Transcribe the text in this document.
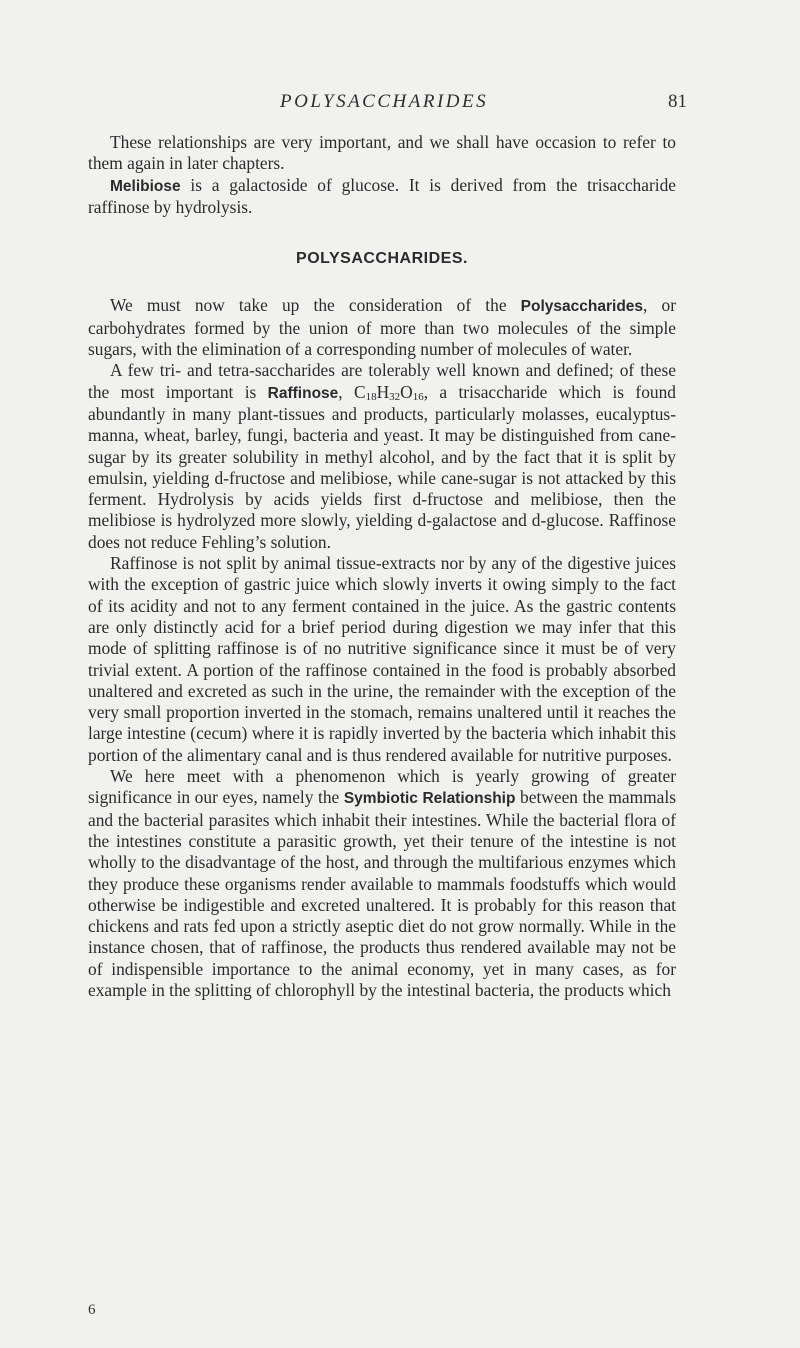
POLYSACCHARIDES	81

These relationships are very important, and we shall have occasion to refer to them again in later chapters.

Melibiose is a galactoside of glucose. It is derived from the trisaccharide raffinose by hydrolysis.

POLYSACCHARIDES.

We must now take up the consideration of the Polysaccharides, or carbohydrates formed by the union of more than two molecules of the simple sugars, with the elimination of a corresponding number of molecules of water.

A few tri- and tetra-saccharides are tolerably well known and defined; of these the most important is Raffinose, $C_{18}H_{32}O_{16}$, a trisaccharide which is found abundantly in many plant-tissues and products, particularly molasses, eucalyptus-manna, wheat, barley, fungi, bacteria and yeast. It may be distinguished from cane-sugar by its greater solubility in methyl alcohol, and by the fact that it is split by emulsin, yielding d-fructose and melibiose, while cane-sugar is not attacked by this ferment. Hydrolysis by acids yields first d-fructose and melibiose, then the melibiose is hydrolyzed more slowly, yielding d-galactose and d-glucose. Raffinose does not reduce Fehling’s solution.

Raffinose is not split by animal tissue-extracts nor by any of the digestive juices with the exception of gastric juice which slowly inverts it owing simply to the fact of its acidity and not to any ferment contained in the juice. As the gastric contents are only distinctly acid for a brief period during digestion we may infer that this mode of splitting raffinose is of no nutritive significance since it must be of very trivial extent. A portion of the raffinose contained in the food is probably absorbed unaltered and excreted as such in the urine, the remainder with the exception of the very small proportion inverted in the stomach, remains unaltered until it reaches the large intestine (cecum) where it is rapidly inverted by the bacteria which inhabit this portion of the alimentary canal and is thus rendered available for nutritive purposes.

We here meet with a phenomenon which is yearly growing of greater significance in our eyes, namely the Symbiotic Relationship between the mammals and the bacterial parasites which inhabit their intestines. While the bacterial flora of the intestines constitute a parasitic growth, yet their tenure of the intestine is not wholly to the disadvantage of the host, and through the multifarious enzymes which they produce these organisms render available to mammals foodstuffs which would otherwise be indigestible and excreted unaltered. It is probably for this reason that chickens and rats fed upon a strictly aseptic diet do not grow normally. While in the instance chosen, that of raffinose, the products thus rendered available may not be of indispensible importance to the animal economy, yet in many cases, as for example in the splitting of chlorophyll by the intestinal bacteria, the products which

6
